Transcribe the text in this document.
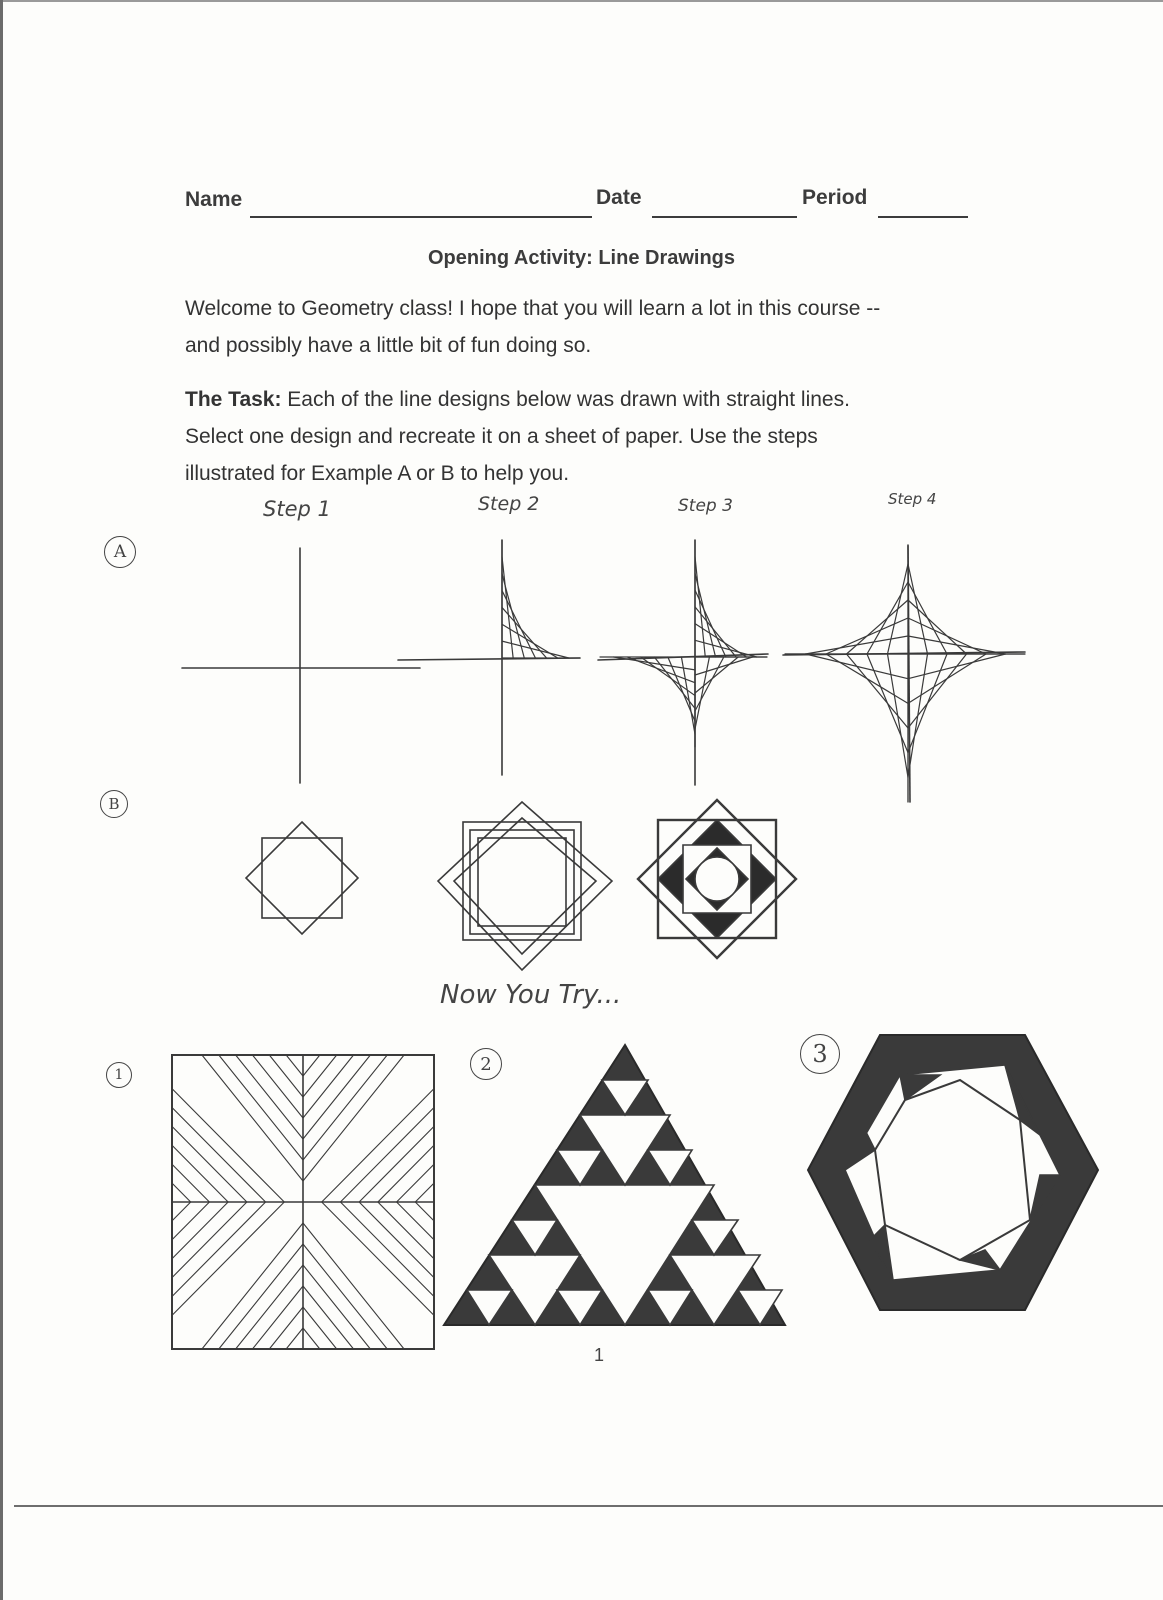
Name	Date	Period
Opening Activity: Line Drawings
Welcome to Geometry class! I hope that you will learn a lot in this course --
and possibly have a little bit of fun doing so.
The Task: Each of the line designs below was drawn with straight lines.
Select one design and recreate it on a sheet of paper. Use the steps
illustrated for Example A or B to help you.
Step 1	Step 2	Step 3	Step 4
A
B
Now You Try...
1
2	3
1
